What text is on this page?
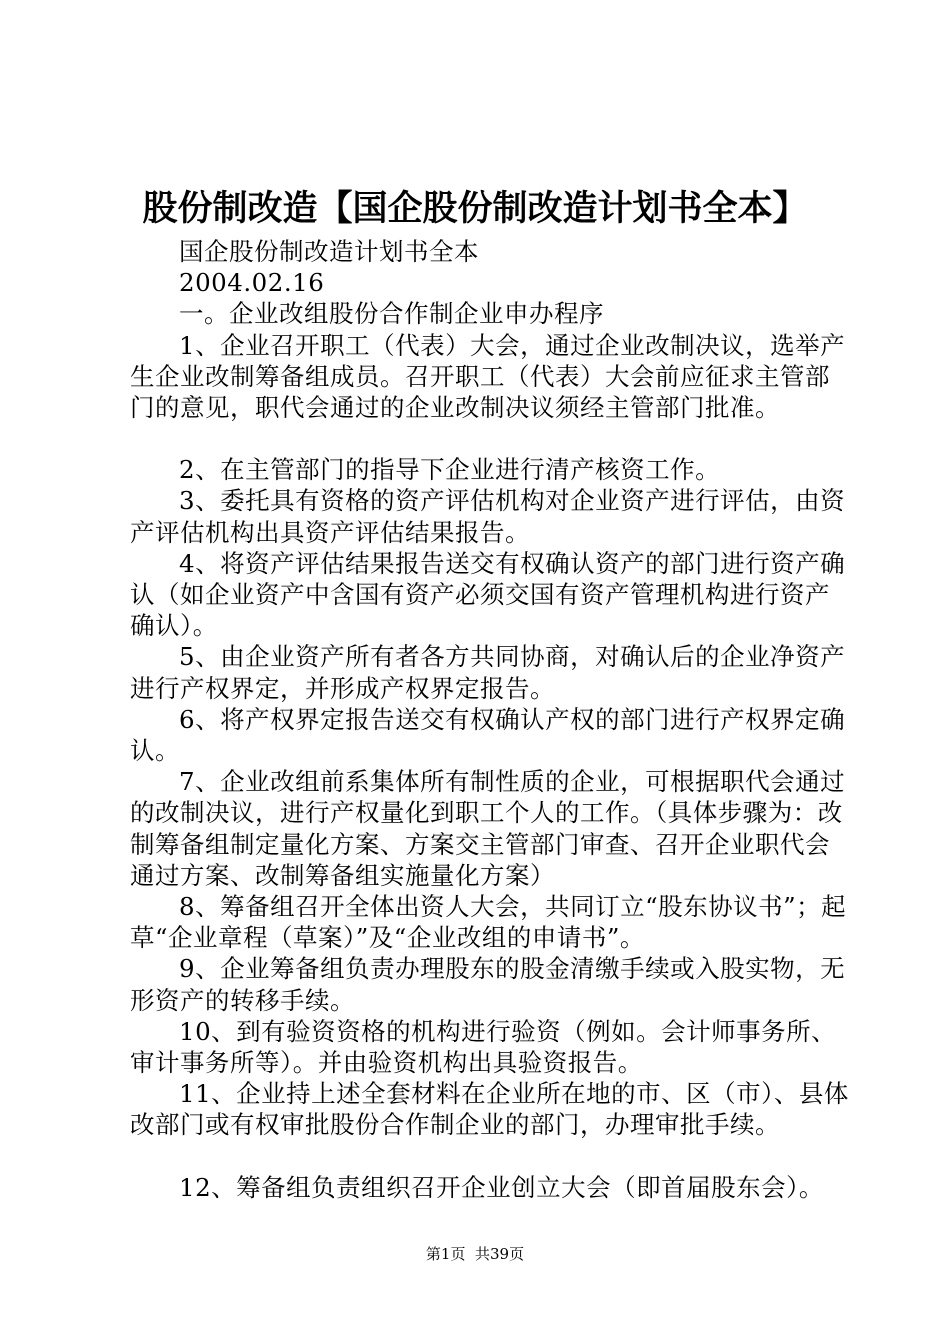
股份制改造【国企股份制改造计划书全本】

国企股份制改造计划书全本

2004.02.16

一。企业改组股份合作制企业申办程序

1、企业召开职工（代表）大会，通过企业改制决议，选举产生企业改制筹备组成员。召开职工（代表）大会前应征求主管部门的意见，职代会通过的企业改制决议须经主管部门批准。

2、在主管部门的指导下企业进行清产核资工作。

3、委托具有资格的资产评估机构对企业资产进行评估，由资产评估机构出具资产评估结果报告。

4、将资产评估结果报告送交有权确认资产的部门进行资产确认（如企业资产中含国有资产必须交国有资产管理机构进行资产确认）。

5、由企业资产所有者各方共同协商，对确认后的企业净资产进行产权界定，并形成产权界定报告。

6、将产权界定报告送交有权确认产权的部门进行产权界定确认。

7、企业改组前系集体所有制性质的企业，可根据职代会通过的改制决议，进行产权量化到职工个人的工作。（具体步骤为：改制筹备组制定量化方案、方案交主管部门审查、召开企业职代会通过方案、改制筹备组实施量化方案）

8、筹备组召开全体出资人大会，共同订立“股东协议书”；起草“企业章程（草案）”及“企业改组的申请书”。

9、企业筹备组负责办理股东的股金清缴手续或入股实物，无形资产的转移手续。

10、到有验资资格的机构进行验资（例如。会计师事务所、审计事务所等）。并由验资机构出具验资报告。

11、企业持上述全套材料在企业所在地的市、区（市）、县体改部门或有权审批股份合作制企业的部门，办理审批手续。

12、筹备组负责组织召开企业创立大会（即首届股东会）。

第1页  共39页
